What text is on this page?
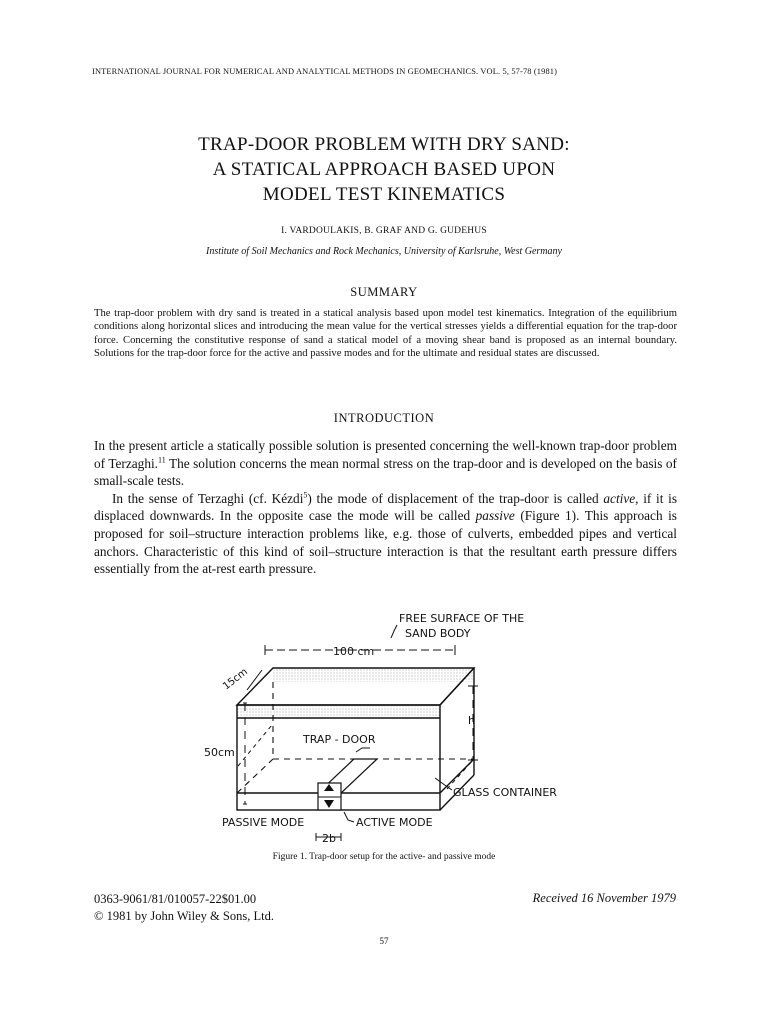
INTERNATIONAL JOURNAL FOR NUMERICAL AND ANALYTICAL METHODS IN GEOMECHANICS. VOL. 5, 57-78 (1981)
TRAP-DOOR PROBLEM WITH DRY SAND:
A STATICAL APPROACH BASED UPON
MODEL TEST KINEMATICS
I. VARDOULAKIS, B. GRAF AND G. GUDEHUS
Institute of Soil Mechanics and Rock Mechanics, University of Karlsruhe, West Germany
SUMMARY

The trap-door problem with dry sand is treated in a statical analysis based upon model test kinematics. Integration of the equilibrium conditions along horizontal slices and introducing the mean value for the vertical stresses yields a differential equation for the trap-door force. Concerning the constitutive response of sand a statical model of a moving shear band is proposed as an internal boundary. Solutions for the trap-door force for the active and passive modes and for the ultimate and residual states are discussed.

INTRODUCTION

In the present article a statically possible solution is presented concerning the well-known trap-door problem of Terzaghi.$^{11}$ The solution concerns the mean normal stress on the trap-door and is developed on the basis of small-scale tests.

In the sense of Terzaghi (cf. Kézdi$^5$) the mode of displacement of the trap-door is called active, if it is displaced downwards. In the opposite case the mode will be called passive (Figure 1). This approach is proposed for soil–structure interaction problems like, e.g. those of culverts, embedded pipes and vertical anchors. Characteristic of this kind of soil–structure interaction is that the resultant earth pressure differs essentially from the at-rest earth pressure.

FREE SURFACE OF THE
SAND BODY
100 cm
15cm
50cm
h
TRAP - DOOR
GLASS CONTAINER
PASSIVE MODE	ACTIVE MODE
2b
Figure 1. Trap-door setup for the active- and passive mode
0363-9061/81/010057-22$01.00
© 1981 by John Wiley & Sons, Ltd.
Received 16 November 1979
57
